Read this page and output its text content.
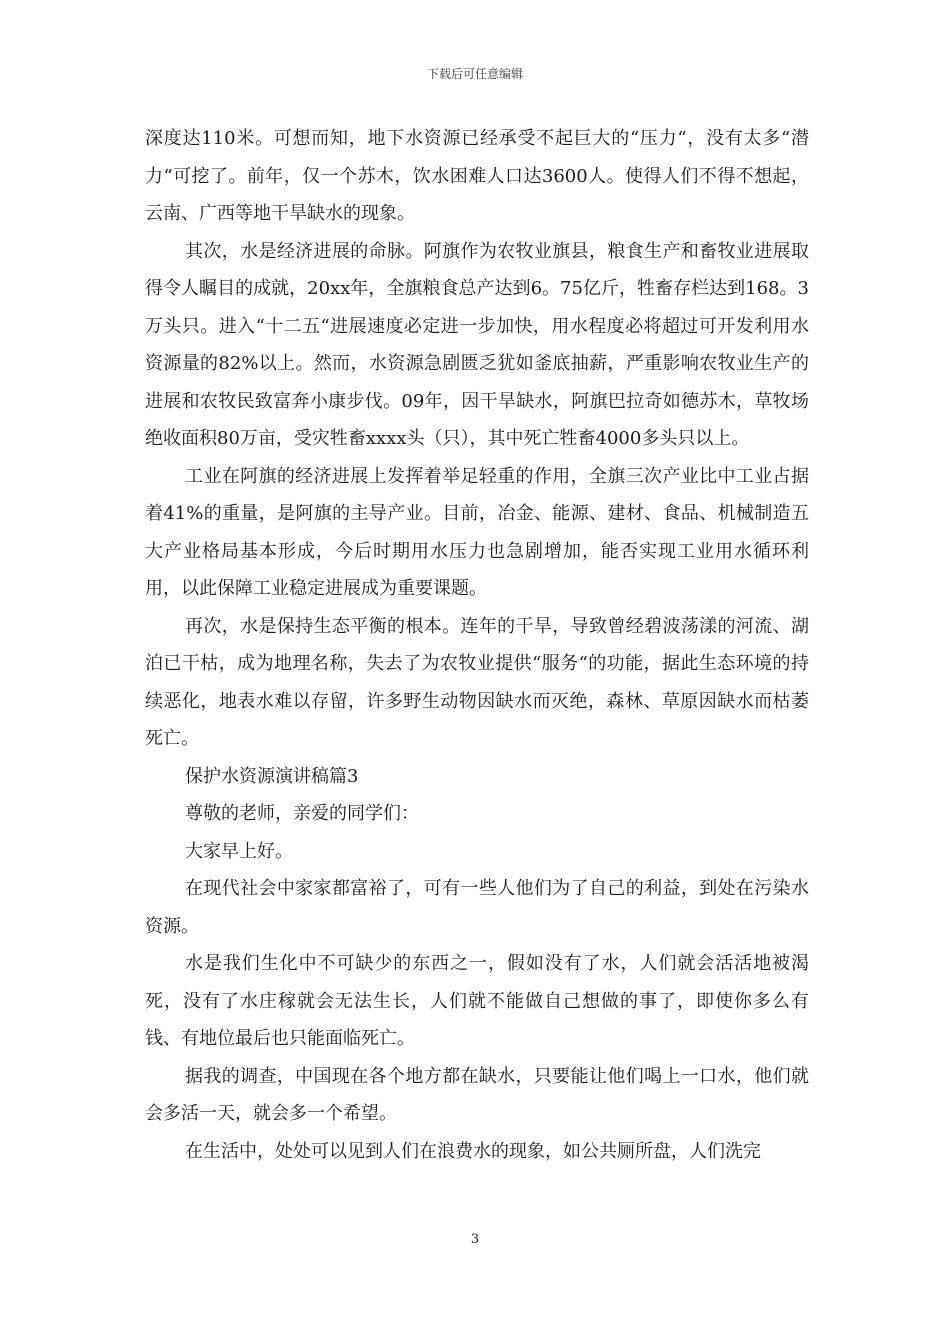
下载后可任意编辑

深度达110米。可想而知，地下水资源已经承受不起巨大的“压力“，没有太多“潜力“可挖了。前年，仅一个苏木，饮水困难人口达3600人。使得人们不得不想起，云南、广西等地干旱缺水的现象。

其次，水是经济进展的命脉。阿旗作为农牧业旗县，粮食生产和畜牧业进展取得令人瞩目的成就，20xx年，全旗粮食总产达到6。75亿斤，牲畜存栏达到168。3万头只。进入“十二五“进展速度必定进一步加快，用水程度必将超过可开发利用水资源量的82%以上。然而，水资源急剧匮乏犹如釜底抽薪，严重影响农牧业生产的进展和农牧民致富奔小康步伐。09年，因干旱缺水，阿旗巴拉奇如德苏木，草牧场绝收面积80万亩，受灾牲畜xxxx头（只），其中死亡牲畜4000多头只以上。

工业在阿旗的经济进展上发挥着举足轻重的作用，全旗三次产业比中工业占据着41%的重量，是阿旗的主导产业。目前，冶金、能源、建材、食品、机械制造五大产业格局基本形成，今后时期用水压力也急剧增加，能否实现工业用水循环利用，以此保障工业稳定进展成为重要课题。

再次，水是保持生态平衡的根本。连年的干旱，导致曾经碧波荡漾的河流、湖泊已干枯，成为地理名称，失去了为农牧业提供“服务“的功能，据此生态环境的持续恶化，地表水难以存留，许多野生动物因缺水而灭绝，森林、草原因缺水而枯萎死亡。

保护水资源演讲稿篇3

尊敬的老师，亲爱的同学们：

大家早上好。

在现代社会中家家都富裕了，可有一些人他们为了自己的利益，到处在污染水资源。

水是我们生化中不可缺少的东西之一，假如没有了水，人们就会活活地被渴死，没有了水庄稼就会无法生长，人们就不能做自己想做的事了，即使你多么有钱、有地位最后也只能面临死亡。

据我的调查，中国现在各个地方都在缺水，只要能让他们喝上一口水，他们就会多活一天，就会多一个希望。

在生活中，处处可以见到人们在浪费水的现象，如公共厕所盘，人们洗完

3
